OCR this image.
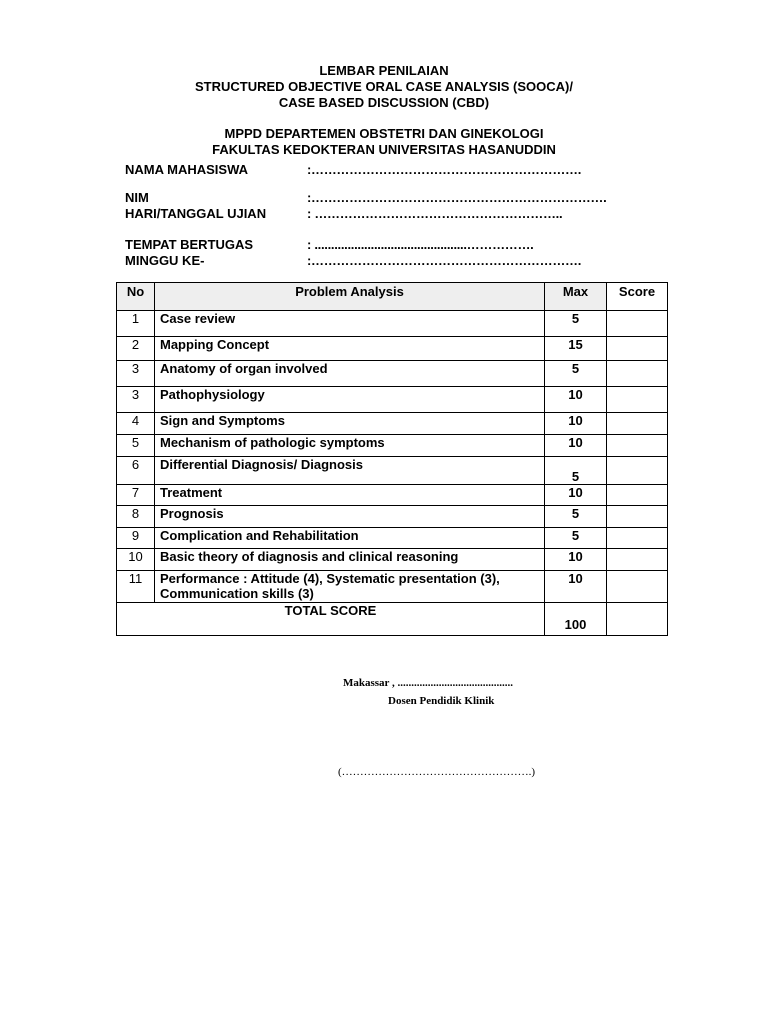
LEMBAR PENILAIAN
STRUCTURED OBJECTIVE ORAL CASE ANALYSIS (SOOCA)/
CASE BASED DISCUSSION (CBD)
MPPD DEPARTEMEN OBSTETRI DAN GINEKOLOGI
FAKULTAS KEDOKTERAN UNIVERSITAS HASANUDDIN
NAMA MAHASISWA	:……………………………………………………….
NIM	:…………………………………………………………….
HARI/TANGGAL UJIAN	: …………………………………………………..
TEMPAT BERTUGAS	: ..............................................…………….
MINGGU KE-	:……………………………………………………….
No	Problem Analysis	Max	Score
1	Case review	5	
2	Mapping Concept	15	
3	Anatomy of organ involved	5	
3	Pathophysiology	10	
4	Sign and Symptoms	10	
5	Mechanism of pathologic symptoms	10	
6	Differential Diagnosis/ Diagnosis	5	
7	Treatment	10	
8	Prognosis	5	
9	Complication and Rehabilitation	5	
10	Basic theory of diagnosis and clinical reasoning	10	
11	Performance : Attitude (4), Systematic presentation (3), Communication skills (3)	10	
TOTAL SCORE		100	
Makassar , ..........................................
Dosen Pendidik Klinik
(…………………………………………….)
